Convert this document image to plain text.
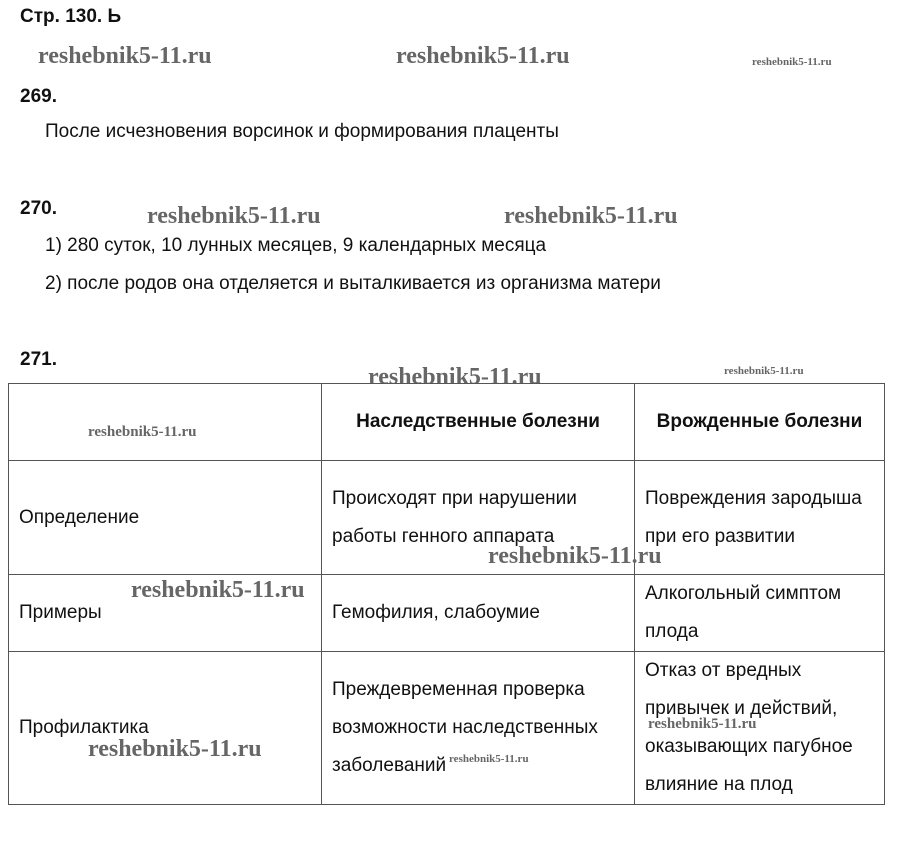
Стр. 130. Ь
reshebnik5-11.ru	reshebnik5-11.ru	reshebnik5-11.ru
reshebnik5-11.ru	reshebnik5-11.ru
reshebnik5-11.ru	reshebnik5-11.ru
269.
После исчезновения ворсинок и формирования плаценты
270.
1) 280 суток, 10 лунных месяцев, 9 календарных месяца
2) после родов она отделяется и выталкивается из организма матери
271.
	Наследственные болезни	Врожденные болезни
Определение	Происходят при нарушении работы генного аппарата	Повреждения зародыша при его развитии
Примеры	Гемофилия, слабоумие	Алкогольный симптом плода
Профилактика	Преждевременная проверка возможности наследственных заболеваний	Отказ от вредных привычек и действий, оказывающих пагубное влияние на плод
reshebnik5-11.ru
reshebnik5-11.ru
reshebnik5-11.ru
reshebnik5-11.ru
reshebnik5-11.ru	reshebnik5-11.ru
